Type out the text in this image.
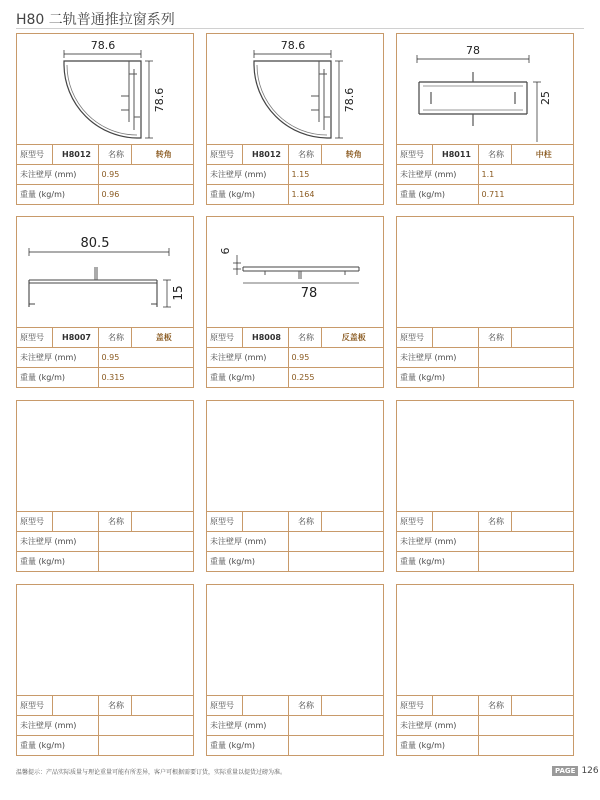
H80 二轨普通推拉窗系列
78.6
78.6
原型号	H8012	名称	转角
未注壁厚 (mm)		0.95	
重量 (kg/m)		0.96	
78.6
78.6
原型号	H8012	名称	转角
未注壁厚 (mm)		1.15	
重量 (kg/m)		1.164	
78
25
原型号	H8011	名称	中柱
未注壁厚 (mm)		1.1	
重量 (kg/m)		0.711	
80.5
15
原型号	H8007	名称	盖板
未注壁厚 (mm)		0.95	
重量 (kg/m)		0.315	
6
78
原型号	H8008	名称	反盖板
未注壁厚 (mm)		0.95	
重量 (kg/m)		0.255	
原型号		名称	
未注壁厚 (mm)			
重量 (kg/m)			
原型号		名称	
未注壁厚 (mm)			
重量 (kg/m)			
原型号		名称	
未注壁厚 (mm)			
重量 (kg/m)			
原型号		名称	
未注壁厚 (mm)			
重量 (kg/m)			
原型号		名称	
未注壁厚 (mm)			
重量 (kg/m)			
原型号		名称	
未注壁厚 (mm)			
重量 (kg/m)			
原型号		名称	
未注壁厚 (mm)			
重量 (kg/m)			
温馨提示：产品实际质量与理论重量可能有所差异，客户可根据需要订货，实际重量以提货过磅为准。	PAGE 126
